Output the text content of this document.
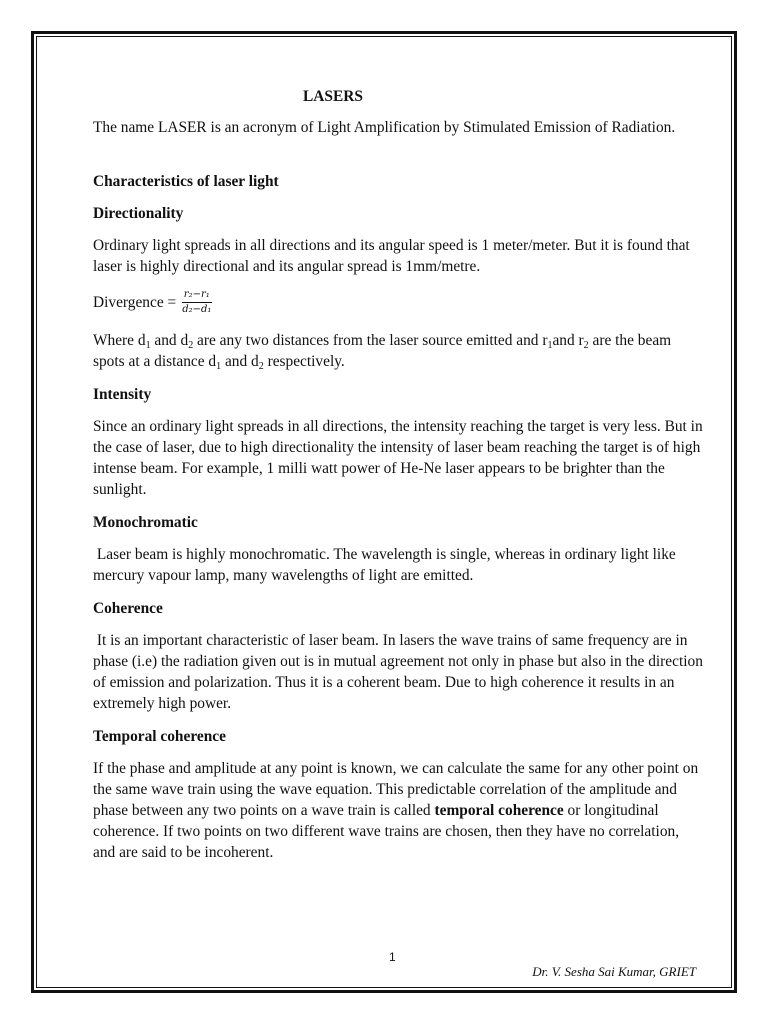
LASERS

The name LASER is an acronym of Light Amplification by Stimulated Emission of Radiation.

Characteristics of laser light

Directionality

Ordinary light spreads in all directions and its angular speed is 1 meter/meter. But it is found that laser is highly directional and its angular spread is 1mm/metre.

Divergence = $\frac{\text{r₂−r₁}}{\text{d₂−d₁}}$

Where $d_1$ and $d_2$ are any two distances from the laser source emitted and $r_1and$ $r_2$ are the beam spots at a distance $d_1$ and $d_2$ respectively.

Intensity

Since an ordinary light spreads in all directions, the intensity reaching the target is very less. But in the case of laser, due to high directionality the intensity of laser beam reaching the target is of high intense beam. For example, 1 milli watt power of He-Ne laser appears to be brighter than the sunlight.

Monochromatic

Laser beam is highly monochromatic. The wavelength is single, whereas in ordinary light like mercury vapour lamp, many wavelengths of light are emitted.

Coherence

It is an important characteristic of laser beam. In lasers the wave trains of same frequency are in phase (i.e) the radiation given out is in mutual agreement not only in phase but also in the direction of emission and polarization. Thus it is a coherent beam. Due to high coherence it results in an extremely high power.

Temporal coherence

If the phase and amplitude at any point is known, we can calculate the same for any other point on the same wave train using the wave equation. This predictable correlation of the amplitude and phase between any two points on a wave train is called temporal coherence or longitudinal coherence. If two points on two different wave trains are chosen, then they have no correlation, and are said to be incoherent.

1
Dr. V. Sesha Sai Kumar, GRIET
